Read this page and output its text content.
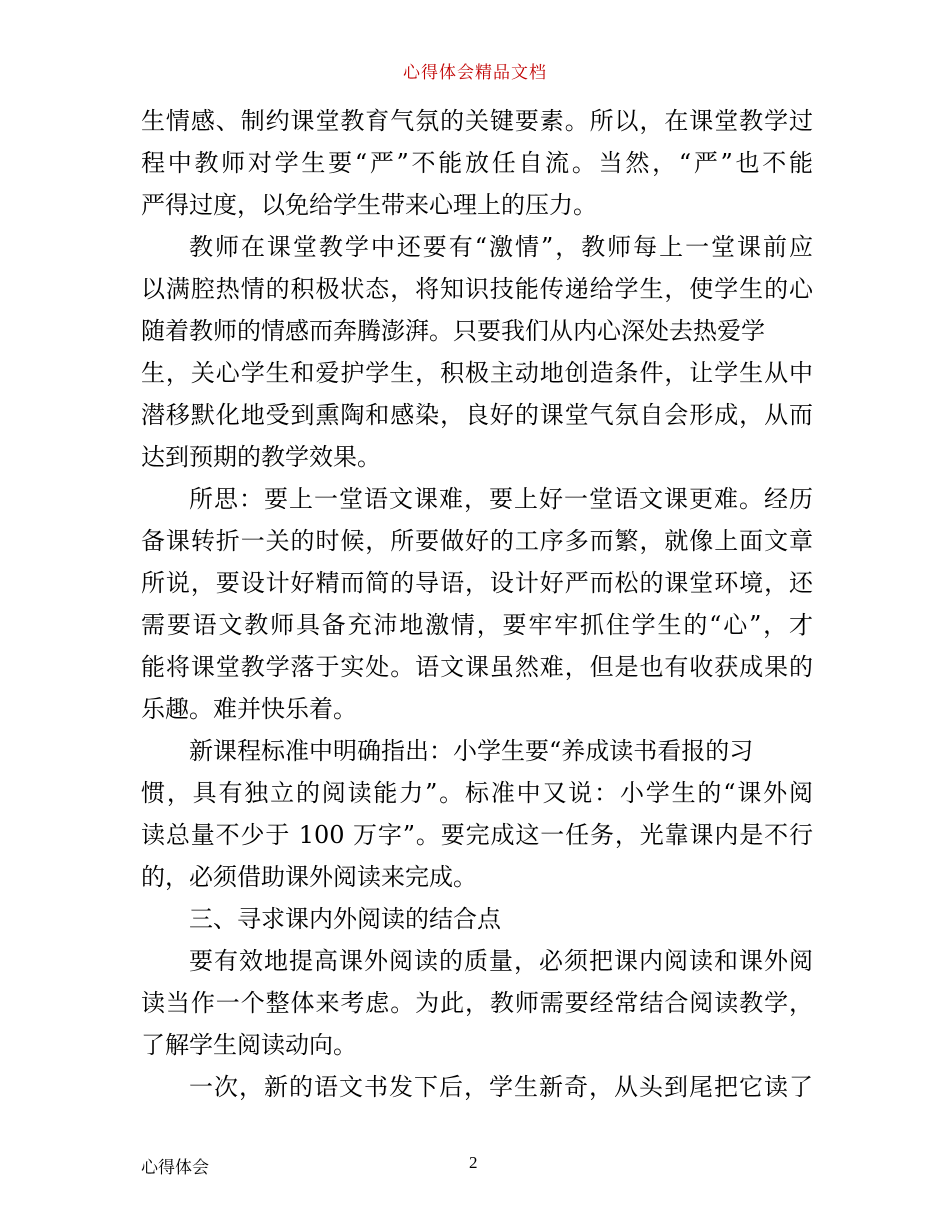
心得体会精品文档
生情感、制约课堂教育气氛的关键要素。所以，在课堂教学过
程中教师对学生要“严”不能放任自流。当然，“严”也不能
严得过度，以免给学生带来心理上的压力。
教师在课堂教学中还要有“激情”，教师每上一堂课前应
以满腔热情的积极状态，将知识技能传递给学生，使学生的心
随着教师的情感而奔腾澎湃。只要我们从内心深处去热爱学
生，关心学生和爱护学生，积极主动地创造条件，让学生从中
潜移默化地受到熏陶和感染，良好的课堂气氛自会形成，从而
达到预期的教学效果。
所思：要上一堂语文课难，要上好一堂语文课更难。经历
备课转折一关的时候，所要做好的工序多而繁，就像上面文章
所说，要设计好精而简的导语，设计好严而松的课堂环境，还
需要语文教师具备充沛地激情，要牢牢抓住学生的“心”，才
能将课堂教学落于实处。语文课虽然难，但是也有收获成果的
乐趣。难并快乐着。
新课程标准中明确指出：小学生要“养成读书看报的习
惯，具有独立的阅读能力”。标准中又说：小学生的“课外阅
读总量不少于 100 万字”。要完成这一任务，光靠课内是不行
的，必须借助课外阅读来完成。
三、寻求课内外阅读的结合点
要有效地提高课外阅读的质量，必须把课内阅读和课外阅
读当作一个整体来考虑。为此，教师需要经常结合阅读教学，
了解学生阅读动向。
一次，新的语文书发下后，学生新奇，从头到尾把它读了
心得体会	2
